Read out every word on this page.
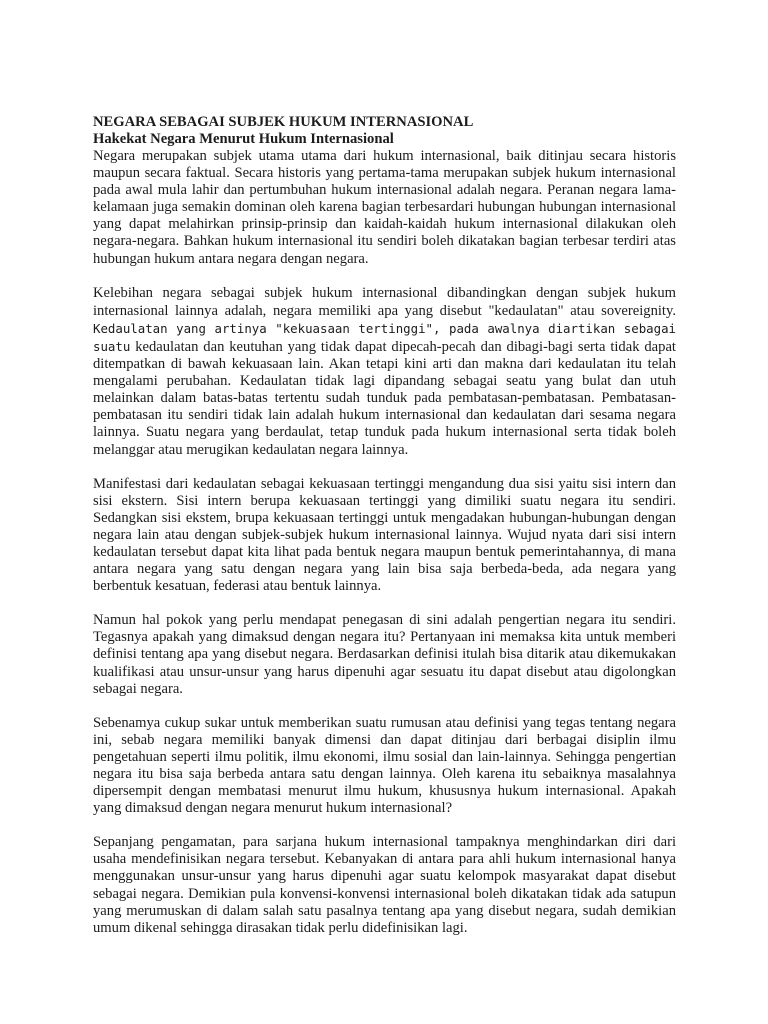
NEGARA SEBAGAI SUBJEK HUKUM INTERNASIONAL

Hakekat Negara Menurut Hukum Internasional

Negara merupakan subjek utama utama dari hukum internasional, baik ditinjau secara historis maupun secara faktual. Secara historis yang pertama-tama merupakan subjek hukum internasional pada awal mula lahir dan pertumbuhan hukum internasional adalah negara. Peranan negara lama-kelamaan juga semakin dominan oleh karena bagian terbesardari hubungan hubungan internasional yang dapat melahirkan prinsip-prinsip dan kaidah-kaidah hukum internasional dilakukan oleh negara-negara. Bahkan hukum internasional itu sendiri boleh dikatakan bagian terbesar terdiri atas hubungan hukum antara negara dengan negara.

Kelebihan negara sebagai subjek hukum internasional dibandingkan dengan subjek hukum internasional lainnya adalah, negara memiliki apa yang disebut "kedaulatan" atau sovereignity. Kedaulatan yang artinya "kekuasaan tertinggi", pada awalnya diartikan sebagai suatu kedaulatan dan keutuhan yang tidak dapat dipecah-pecah dan dibagi-bagi serta tidak dapat ditempatkan di bawah kekuasaan lain. Akan tetapi kini arti dan makna dari kedaulatan itu telah mengalami perubahan. Kedaulatan tidak lagi dipandang sebagai seatu yang bulat dan utuh melainkan dalam batas-batas tertentu sudah tunduk pada pembatasan-pembatasan. Pembatasan-pembatasan itu sendiri tidak lain adalah hukum internasional dan kedaulatan dari sesama negara lainnya. Suatu negara yang berdaulat, tetap tunduk pada hukum internasional serta tidak boleh melanggar atau merugikan kedaulatan negara lainnya.

Manifestasi dari kedaulatan sebagai kekuasaan tertinggi mengandung dua sisi yaitu sisi intern dan sisi ekstern. Sisi intern berupa kekuasaan tertinggi yang dimiliki suatu negara itu sendiri. Sedangkan sisi ekstem, brupa kekuasaan tertinggi untuk mengadakan hubungan-hubungan dengan negara lain atau dengan subjek-subjek hukum internasional lainnya. Wujud nyata dari sisi intern kedaulatan tersebut dapat kita lihat pada bentuk negara maupun bentuk pemerintahannya, di mana antara negara yang satu dengan negara yang lain bisa saja berbeda-beda, ada negara yang berbentuk kesatuan, federasi atau bentuk lainnya.

Namun hal pokok yang perlu mendapat penegasan di sini adalah pengertian negara itu sendiri. Tegasnya apakah yang dimaksud dengan negara itu? Pertanyaan ini memaksa kita untuk memberi definisi tentang apa yang disebut negara. Berdasarkan definisi itulah bisa ditarik atau dikemukakan kualifikasi atau unsur-unsur yang harus dipenuhi agar sesuatu itu dapat disebut atau digolongkan sebagai negara.

Sebenamya cukup sukar untuk memberikan suatu rumusan atau definisi yang tegas tentang negara ini, sebab negara memiliki banyak dimensi dan dapat ditinjau dari berbagai disiplin ilmu pengetahuan seperti ilmu politik, ilmu ekonomi, ilmu sosial dan lain-lainnya. Sehingga pengertian negara itu bisa saja berbeda antara satu dengan lainnya. Oleh karena itu sebaiknya masalahnya dipersempit dengan membatasi menurut ilmu hukum, khususnya hukum internasional. Apakah yang dimaksud dengan negara menurut hukum internasional?

Sepanjang pengamatan, para sarjana hukum internasional tampaknya menghindarkan diri dari usaha mendefinisikan negara tersebut. Kebanyakan di antara para ahli hukum internasional hanya menggunakan unsur-unsur yang harus dipenuhi agar suatu kelompok masyarakat dapat disebut sebagai negara. Demikian pula konvensi-konvensi internasional boleh dikatakan tidak ada satupun yang merumuskan di dalam salah satu pasalnya tentang apa yang disebut negara, sudah demikian umum dikenal sehingga dirasakan tidak perlu didefinisikan lagi.
